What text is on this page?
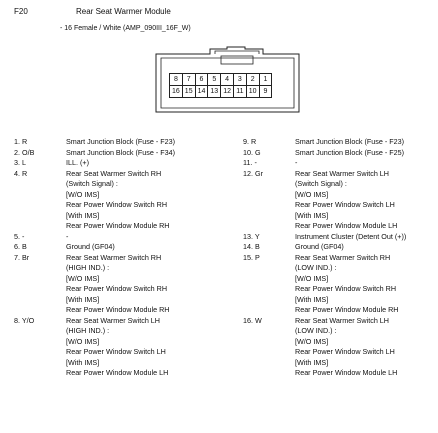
F20	Rear Seat Warmer Module
- 16 Female / White (AMP_090III_16F_W)
8	7	6	5	4	3	2	1
16 15 14 13 12 11 10 9
1. R	Smart Junction Block (Fuse - F23)
2. O/B	Smart Junction Block (Fuse - F34)
3. L	ILL. (+)
4. R	Rear Seat Warmer Switch RH
(Switch Signal) :
[W/O IMS]
Rear Power Window Switch RH
[With IMS]
Rear Power Window Module RH
5. -	-
6. B	Ground (GF04)
7. Br	Rear Seat Warmer Switch RH
(HIGH IND.) :
[W/O IMS]
Rear Power Window Switch RH
[With IMS]
Rear Power Window Module RH
8. Y/O	Rear Seat Warmer Switch LH
(HIGH IND.) :
[W/O IMS]
Rear Power Window Switch LH
[With IMS]
Rear Power Window Module LH
9. R	Smart Junction Block (Fuse - F23)
10. G	Smart Junction Block (Fuse - F25)
11. -	-
12. Gr	Rear Seat Warmer Switch LH
(Switch Signal) :
[W/O IMS]
Rear Power Window Switch LH
[With IMS]
Rear Power Window Module LH
13. Y	Instrument Cluster (Detent Out (+))
14. B	Ground (GF04)
15. P	Rear Seat Warmer Switch RH
(LOW IND.) :
[W/O IMS]
Rear Power Window Switch RH
[With IMS]
Rear Power Window Module RH
16. W	Rear Seat Warmer Switch LH
(LOW IND.) :
[W/O IMS]
Rear Power Window Switch LH
[With IMS]
Rear Power Window Module LH
